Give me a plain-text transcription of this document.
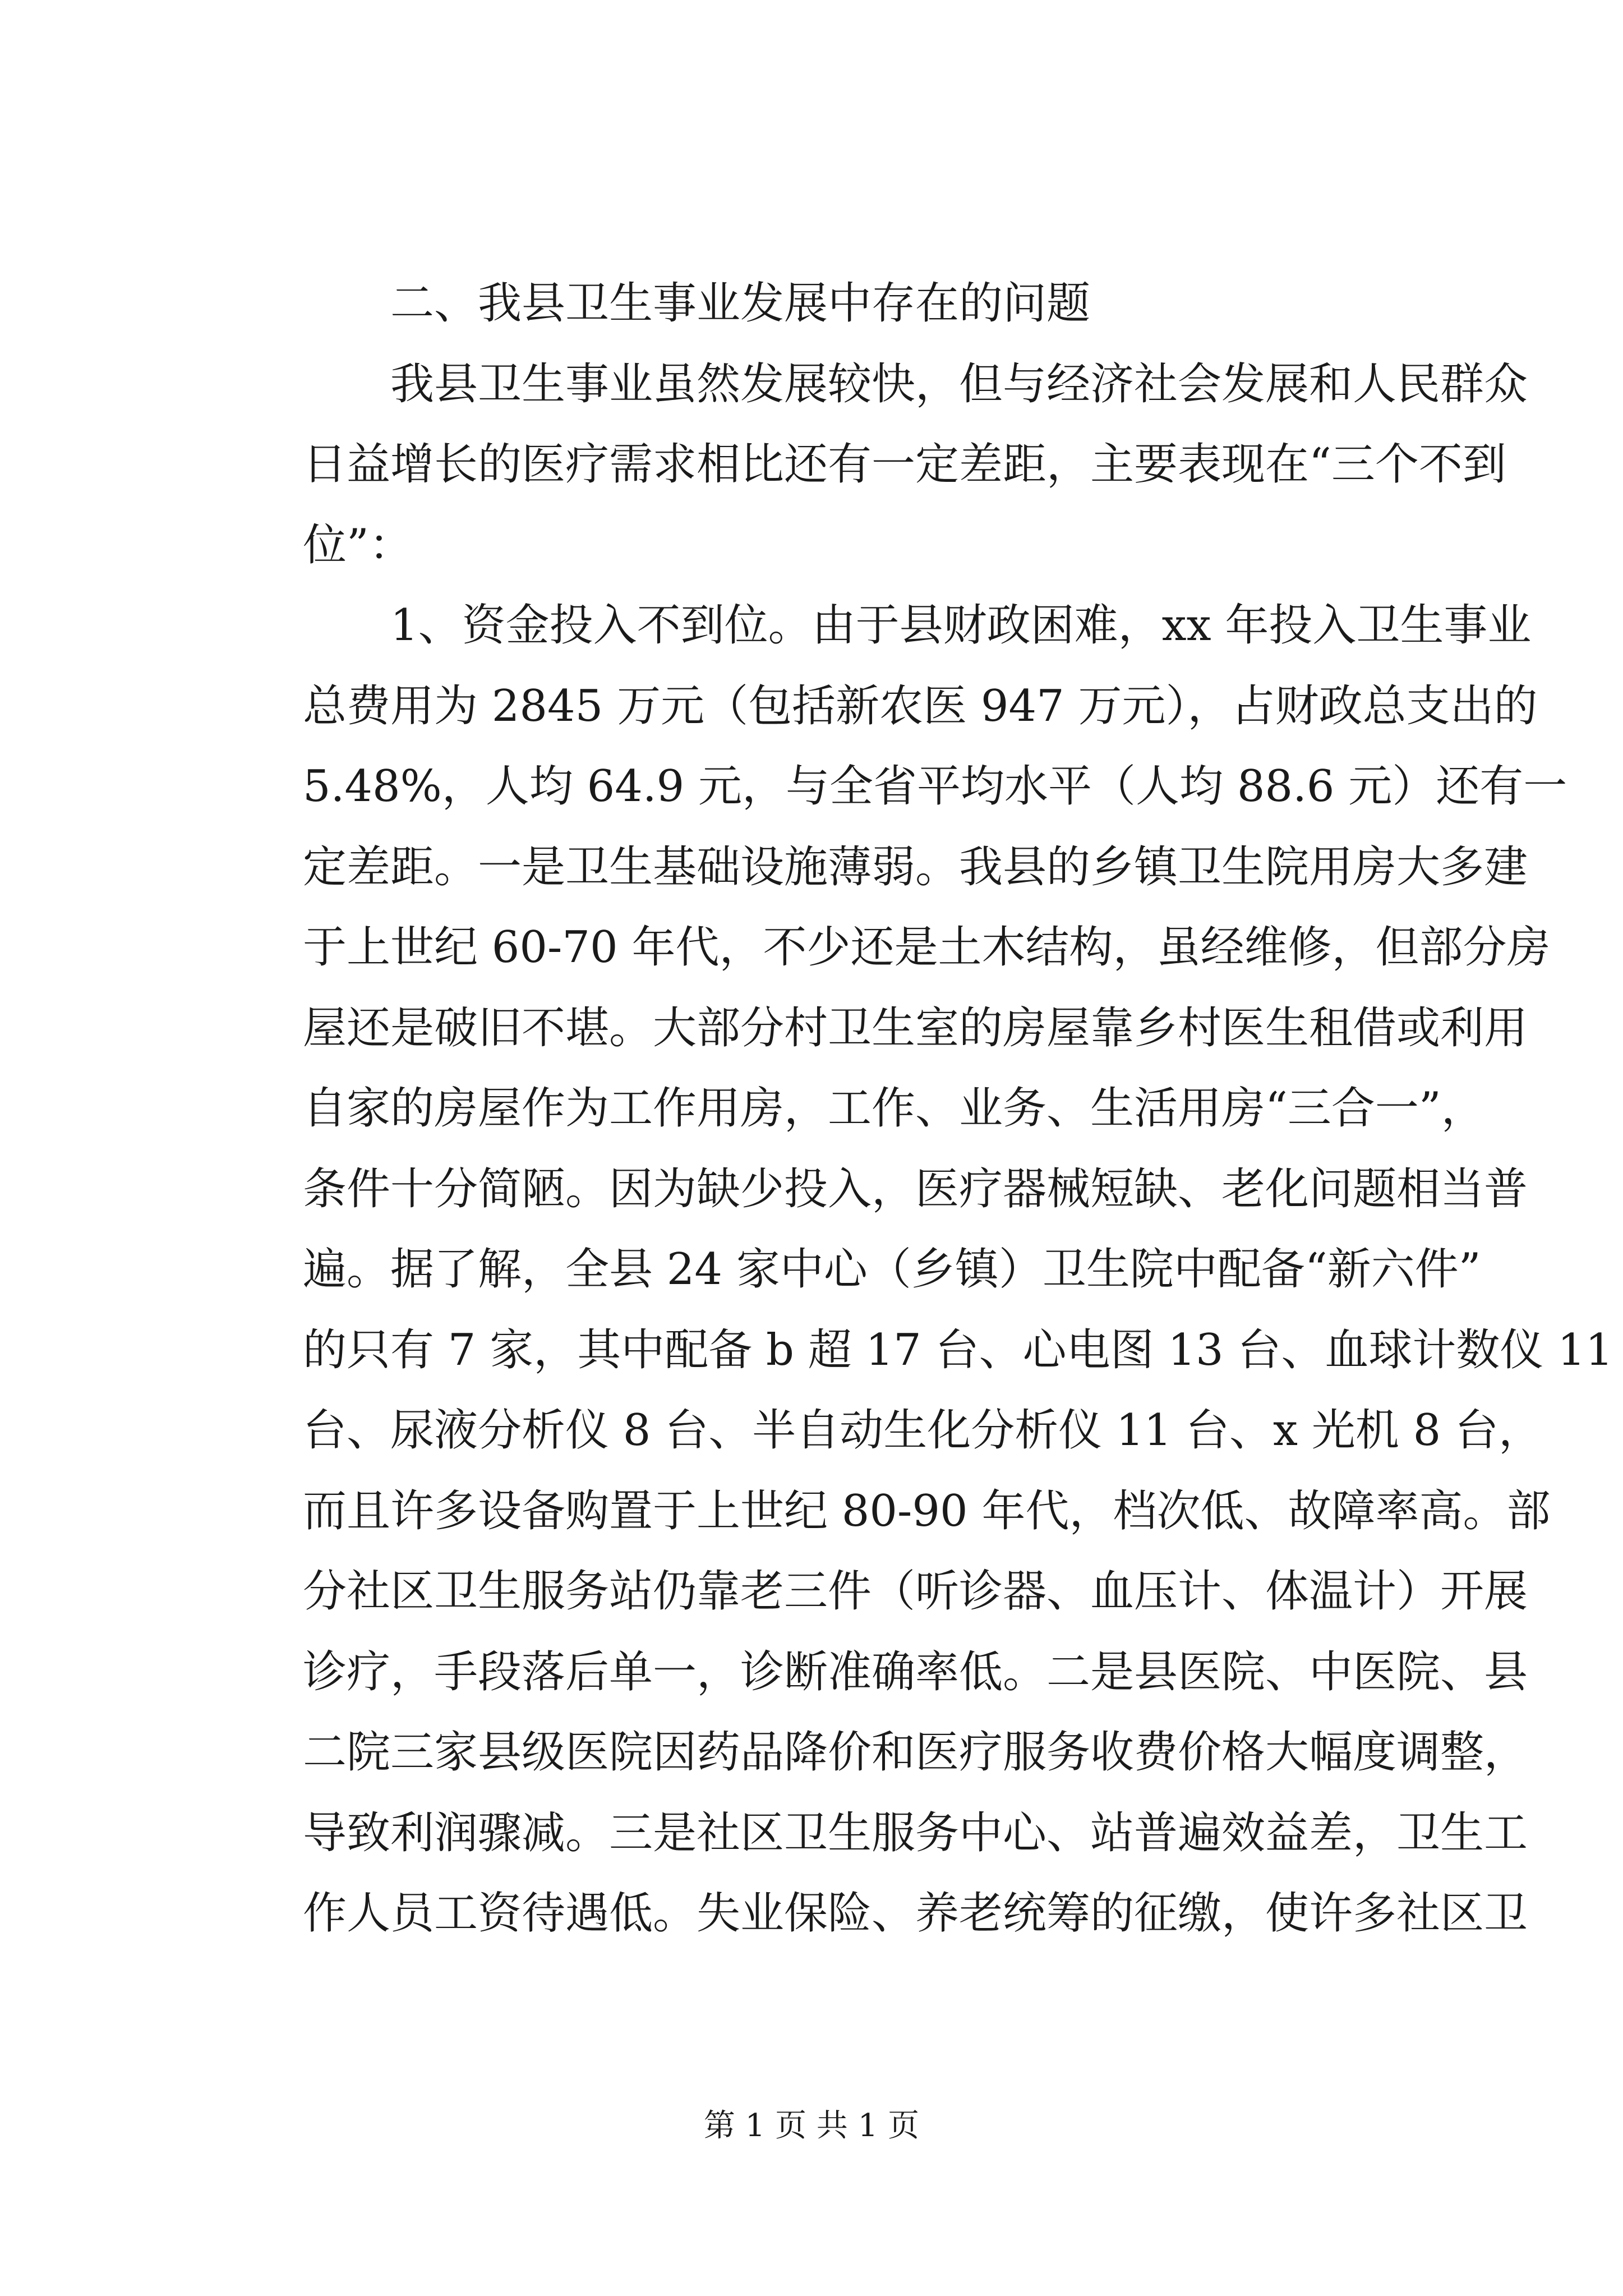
二、我县卫生事业发展中存在的问题
我县卫生事业虽然发展较快，但与经济社会发展和人民群众
日益增长的医疗需求相比还有一定差距，主要表现在“三个不到
位”：
1、资金投入不到位。由于县财政困难，xx 年投入卫生事业
总费用为 2845 万元（包括新农医 947 万元），占财政总支出的
5.48%，人均 64.9 元，与全省平均水平（人均 88.6 元）还有一
定差距。一是卫生基础设施薄弱。我县的乡镇卫生院用房大多建
于上世纪 60-70 年代，不少还是土木结构，虽经维修，但部分房
屋还是破旧不堪。大部分村卫生室的房屋靠乡村医生租借或利用
自家的房屋作为工作用房，工作、业务、生活用房“三合一”，
条件十分简陋。因为缺少投入，医疗器械短缺、老化问题相当普
遍。据了解，全县 24 家中心（乡镇）卫生院中配备“新六件”
的只有 7 家，其中配备 b 超 17 台、心电图 13 台、血球计数仪 11
台、尿液分析仪 8 台、半自动生化分析仪 11 台、x 光机 8 台，
而且许多设备购置于上世纪 80-90 年代，档次低、故障率高。部
分社区卫生服务站仍靠老三件（听诊器、血压计、体温计）开展
诊疗，手段落后单一，诊断准确率低。二是县医院、中医院、县
二院三家县级医院因药品降价和医疗服务收费价格大幅度调整，
导致利润骤减。三是社区卫生服务中心、站普遍效益差，卫生工
作人员工资待遇低。失业保险、养老统筹的征缴，使许多社区卫
第 1 页 共 1 页
